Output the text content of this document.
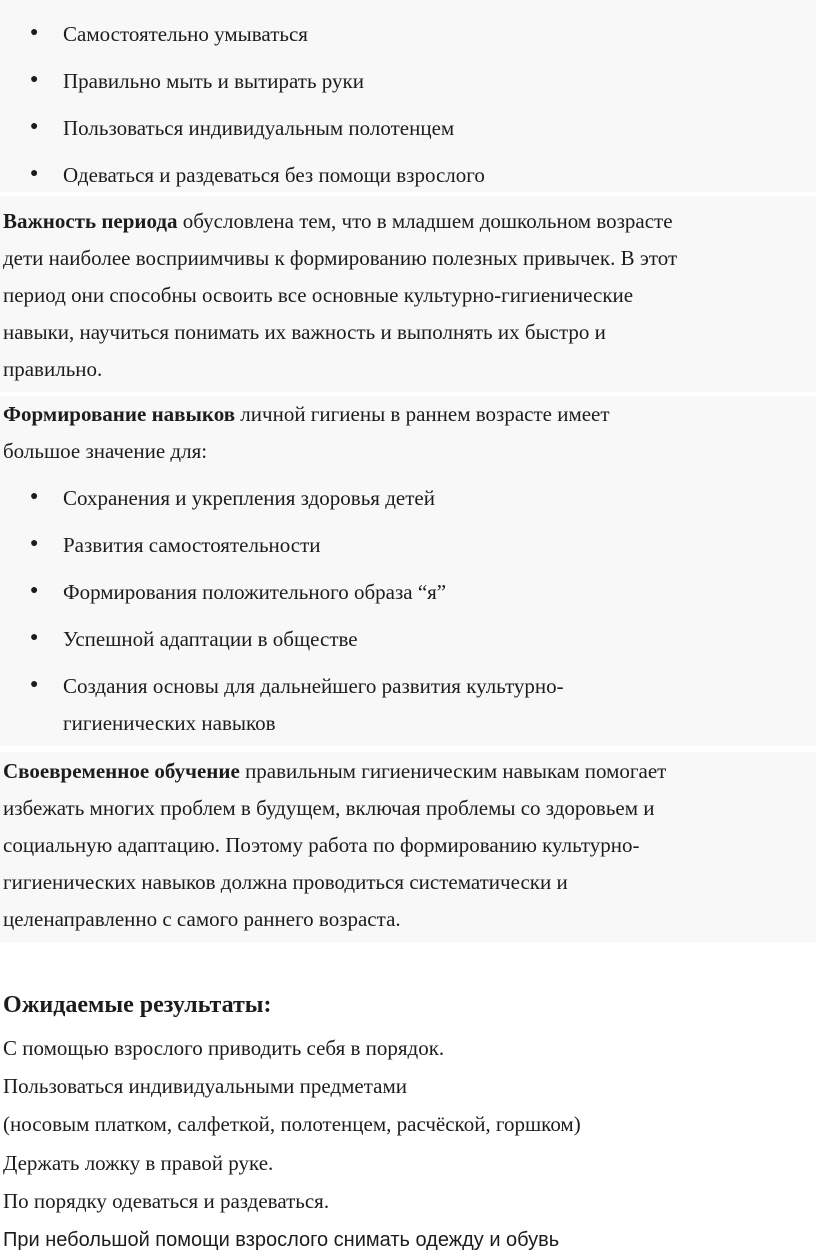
● Самостоятельно умываться
● Правильно мыть и вытирать руки
● Пользоваться индивидуальным полотенцем
● Одеваться и раздеваться без помощи взрослого
Важность периода обусловлена тем, что в младшем дошкольном возрасте
дети наиболее восприимчивы к формированию полезных привычек. В этот
период они способны освоить все основные культурно-гигиенические
навыки, научиться понимать их важность и выполнять их быстро и
правильно.
Формирование навыков личной гигиены в раннем возрасте имеет
большое значение для:
● Сохранения и укрепления здоровья детей
● Развития самостоятельности
● Формирования положительного образа “я”
● Успешной адаптации в обществе
● Создания основы для дальнейшего развития культурно-
гигиенических навыков
Своевременное обучение правильным гигиеническим навыкам помогает
избежать многих проблем в будущем, включая проблемы со здоровьем и
социальную адаптацию. Поэтому работа по формированию культурно-
гигиенических навыков должна проводиться систематически и
целенаправленно с самого раннего возраста.
Ожидаемые результаты:
С помощью взрослого приводить себя в порядок.
Пользоваться индивидуальными предметами
(носовым платком, салфеткой, полотенцем, расчёской, горшком)
Держать ложку в правой руке.
По порядку одеваться и раздеваться.
При небольшой помощи взрослого снимать одежду и обувь
